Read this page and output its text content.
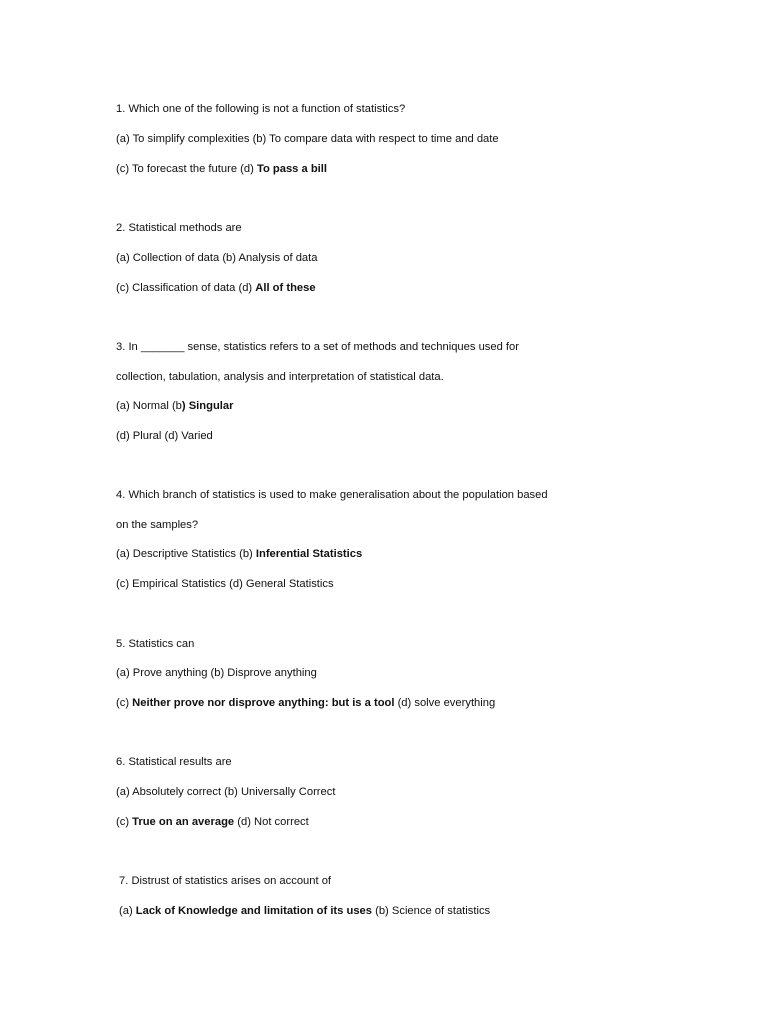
1. Which one of the following is not a function of statistics?
(a) To simplify complexities (b) To compare data with respect to time and date
(c) To forecast the future (d) To pass a bill
2. Statistical methods are
(a) Collection of data (b) Analysis of data
(c) Classification of data (d) All of these
3. In _______ sense, statistics refers to a set of methods and techniques used for
collection, tabulation, analysis and interpretation of statistical data.
(a) Normal (b) Singular
(d) Plural (d) Varied
4. Which branch of statistics is used to make generalisation about the population based
on the samples?
(a) Descriptive Statistics (b) Inferential Statistics
(c) Empirical Statistics (d) General Statistics
5. Statistics can
(a) Prove anything (b) Disprove anything
(c) Neither prove nor disprove anything: but is a tool (d) solve everything
6. Statistical results are
(a) Absolutely correct (b) Universally Correct
(c) True on an average (d) Not correct
7. Distrust of statistics arises on account of
(a) Lack of Knowledge and limitation of its uses (b) Science of statistics
